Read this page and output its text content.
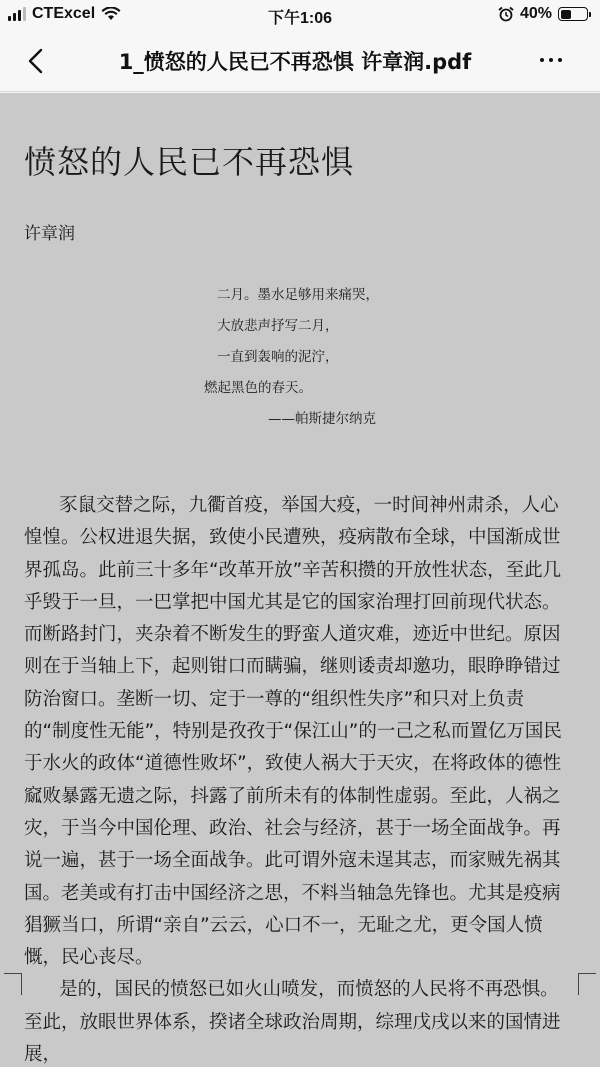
CTExcel	下午1:06	40%
1_愤怒的人民已不再恐惧 许章润.pdf
愤怒的人民已不再恐惧
许章润
二月。墨水足够用来痛哭，
大放悲声抒写二月，
一直到轰响的泥泞，
燃起黑色的春天。
——帕斯捷尔纳克
豕鼠交替之际，九衢首疫，举国大疫，一时间神州肃杀，人心惶惶。公权进退失据，致使小民遭殃，疫病散布全球，中国渐成世界孤岛。此前三十多年“改革开放”辛苦积攒的开放性状态，至此几乎毁于一旦，一巴掌把中国尤其是它的国家治理打回前现代状态。而断路封门，夹杂着不断发生的野蛮人道灾难，迹近中世纪。原因则在于当轴上下，起则钳口而瞒骗，继则诿责却邀功，眼睁睁错过防治窗口。垄断一切、定于一尊的“组织性失序”和只对上负责的“制度性无能”，特别是孜孜于“保江山”的一己之私而置亿万国民于水火的政体“道德性败坏”，致使人祸大于天灾，在将政体的德性窳败暴露无遗之际，抖露了前所未有的体制性虚弱。至此，人祸之灾，于当今中国伦理、政治、社会与经济，甚于一场全面战争。再说一遍，甚于一场全面战争。此可谓外寇未逞其志，而家贼先祸其国。老美或有打击中国经济之思，不料当轴急先锋也。尤其是疫病猖獗当口，所谓“亲自”云云，心口不一，无耻之尤，更令国人愤慨，民心丧尽。
是的，国民的愤怒已如火山喷发，而愤怒的人民将不再恐惧。至此，放眼世界体系，揆诸全球政治周期，综理戊戌以来的国情进展，
